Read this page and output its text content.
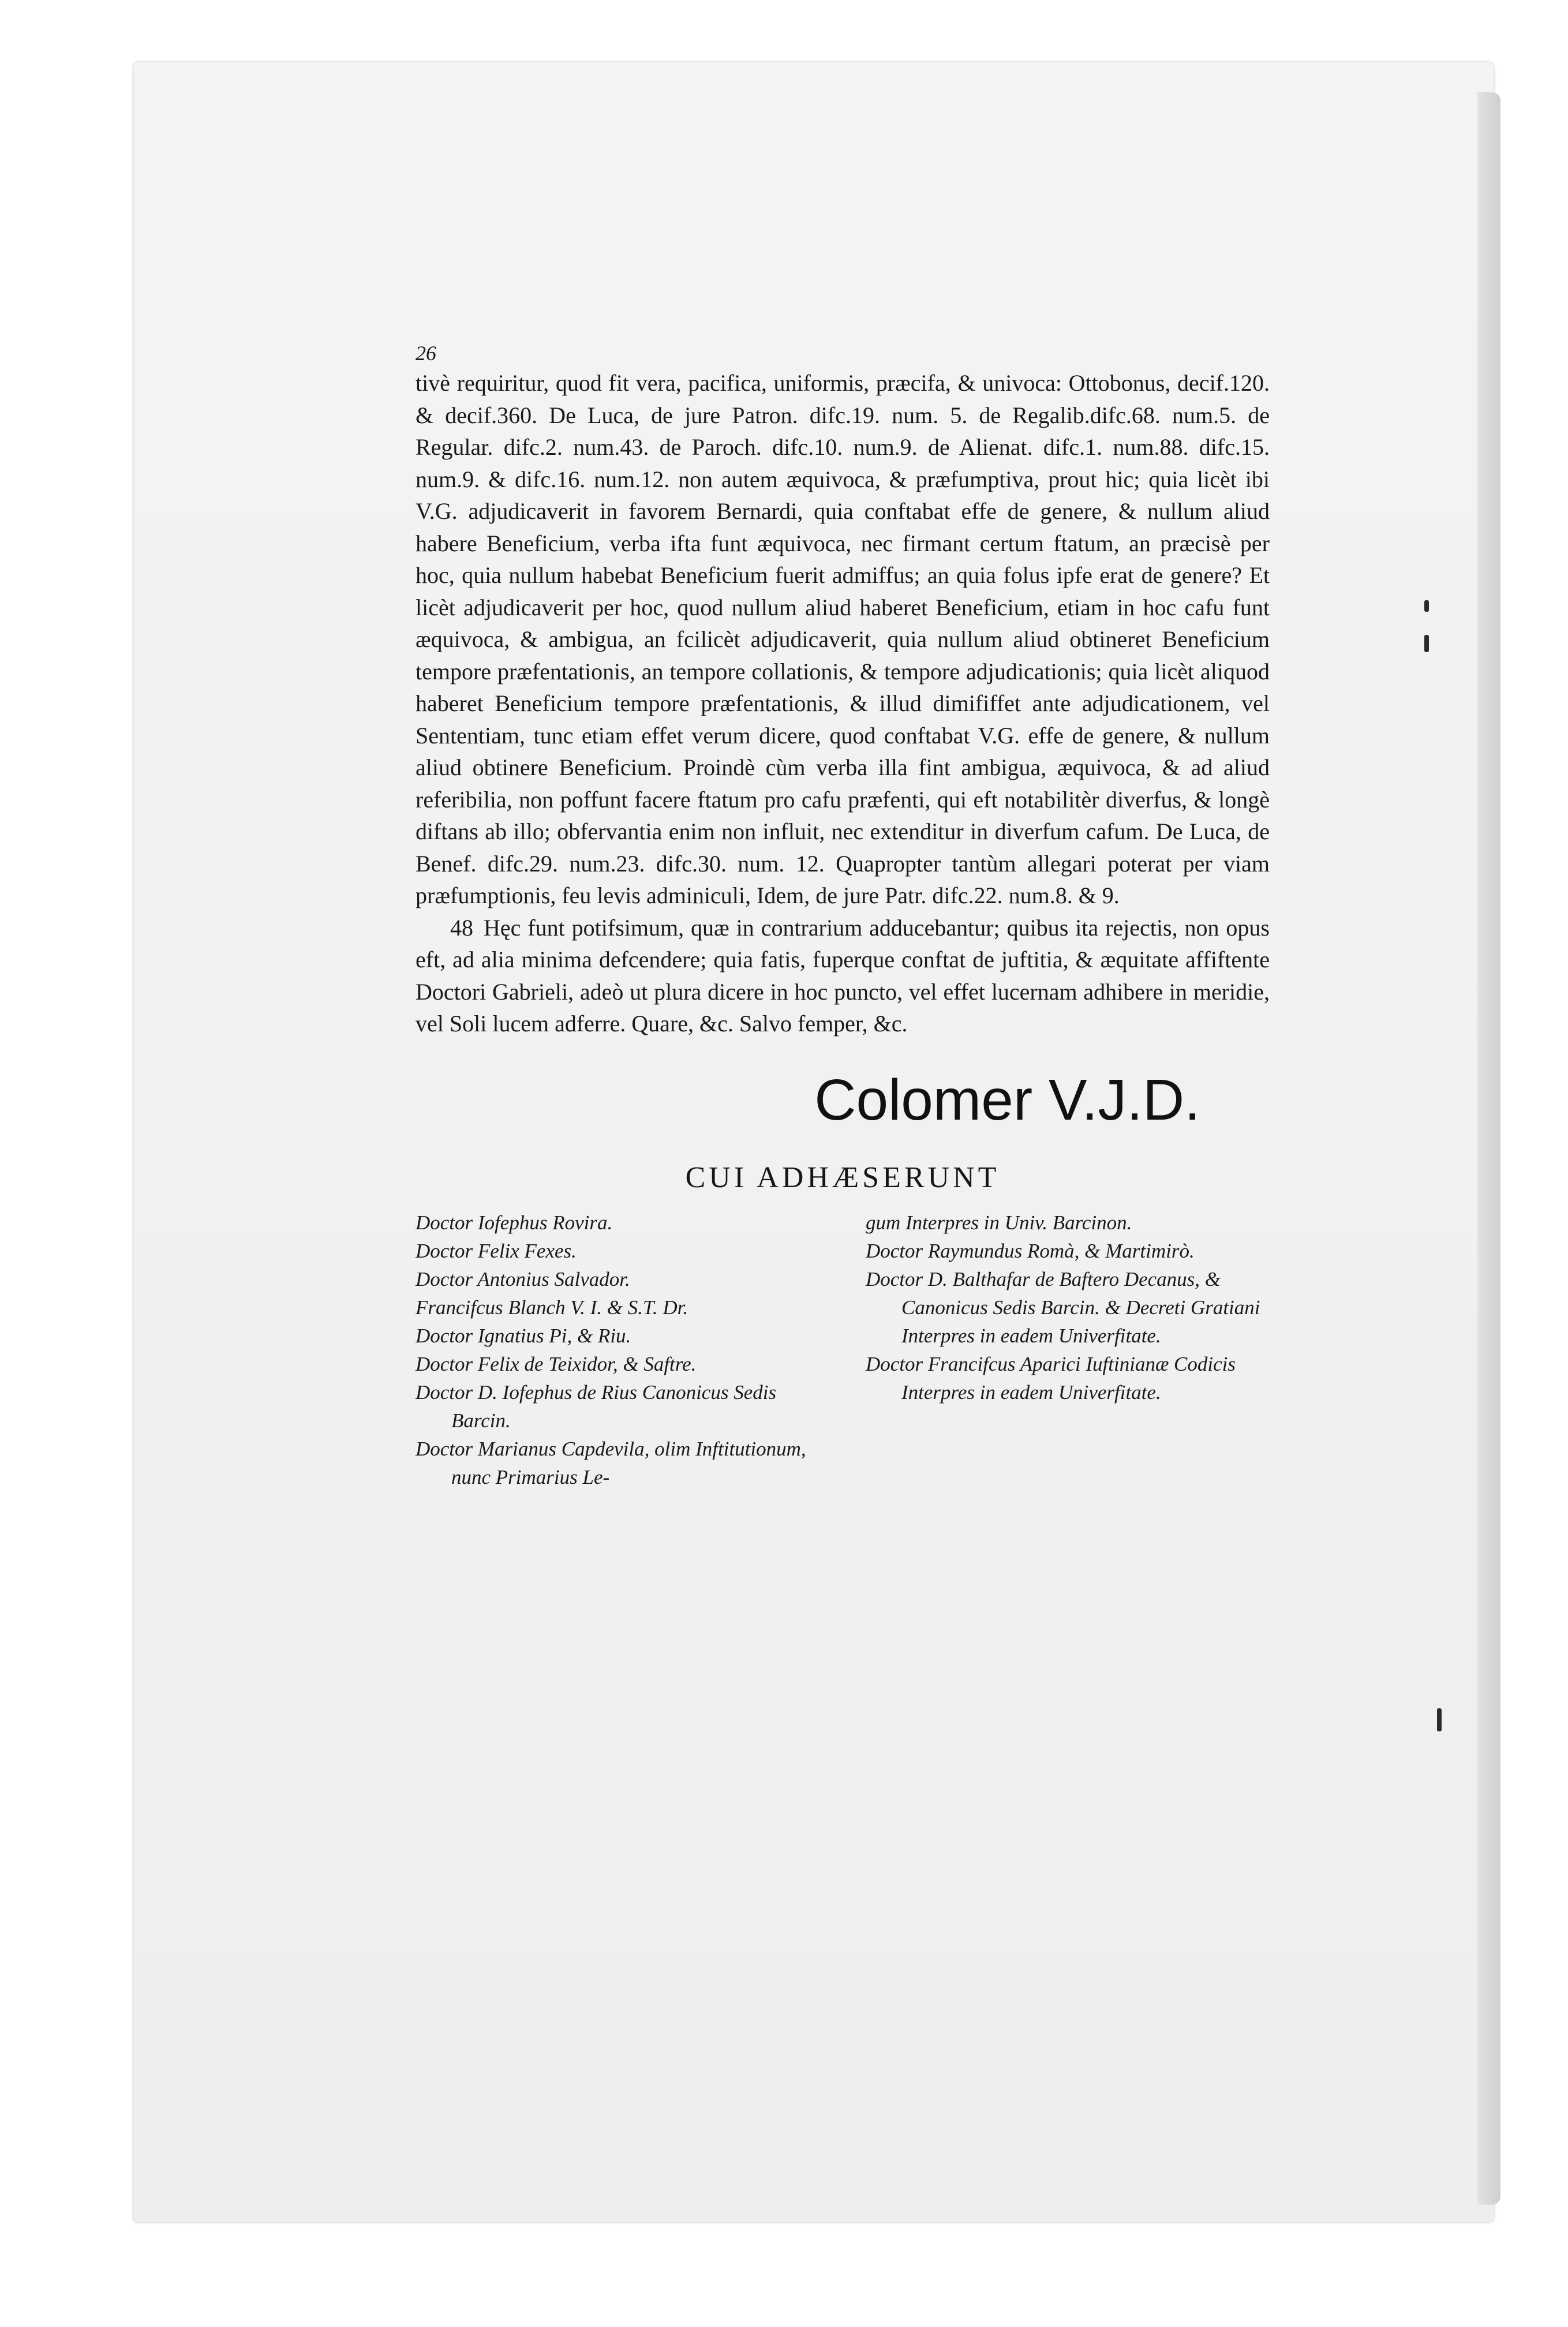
26

tivè requiritur, quod fit vera, pacifica, uniformis, præcifa, & univoca: Ottobonus, decif.120. & decif.360. De Luca, de jure Patron. difc.19. num. 5. de Regalib.difc.68. num.5. de Regular. difc.2. num.43. de Paroch. difc.10. num.9. de Alienat. difc.1. num.88. difc.15. num.9. & difc.16. num.12. non autem æquivoca, & præfumptiva, prout hic; quia licèt ibi V.G. adjudicaverit in favorem Bernardi, quia conftabat effe de genere, & nullum aliud habere Beneficium, verba ifta funt æquivoca, nec firmant certum ftatum, an præcisè per hoc, quia nullum habebat Beneficium fuerit admiffus; an quia folus ipfe erat de genere? Et licèt adjudicaverit per hoc, quod nullum aliud haberet Beneficium, etiam in hoc cafu funt æquivoca, & ambigua, an fcilicèt adjudicaverit, quia nullum aliud obtineret Beneficium tempore præfentationis, an tempore collationis, & tempore adjudicationis; quia licèt aliquod haberet Beneficium tempore præfentationis, & illud dimififfet ante adjudicationem, vel Sententiam, tunc etiam effet verum dicere, quod conftabat V.G. effe de genere, & nullum aliud obtinere Beneficium. Proindè cùm verba illa fint ambigua, æquivoca, & ad aliud referibilia, non poffunt facere ftatum pro cafu præfenti, qui eft notabilitèr diverfus, & longè diftans ab illo; obfervantia enim non influit, nec extenditur in diverfum cafum. De Luca, de Benef. difc.29. num.23. difc.30. num. 12. Quapropter tantùm allegari poterat per viam præfumptionis, feu levis adminiculi, Idem, de jure Patr. difc.22. num.8. & 9.

48 Hęc funt potifsimum, quæ in contrarium adducebantur; quibus ita rejectis, non opus eft, ad alia minima defcendere; quia fatis, fuperque conftat de juftitia, & æquitate affiftente Doctori Gabrieli, adeò ut plura dicere in hoc puncto, vel effet lucernam adhibere in meridie, vel Soli lucem adferre. Quare, &c. Salvo femper, &c.

Colomer V.J.D.
CUI ADHÆSERUNT
Doctor Iofephus Rovira.
Doctor Felix Fexes.
Doctor Antonius Salvador.
Francifcus Blanch V. I. & S.T. Dr.
Doctor Ignatius Pi, & Riu.
Doctor Felix de Teixidor, & Saftre.
Doctor D. Iofephus de Rius Canonicus Sedis Barcin.
Doctor Marianus Capdevila, olim Inftitutionum, nunc Primarius Le-
gum Interpres in Univ. Barcinon.
Doctor Raymundus Romà, & Martimirò.
Doctor D. Balthafar de Baftero Decanus, & Canonicus Sedis Barcin. & Decreti Gratiani Interpres in eadem Univerfitate.
Doctor Francifcus Aparici Iuftinianæ Codicis Interpres in eadem Univerfitate.
